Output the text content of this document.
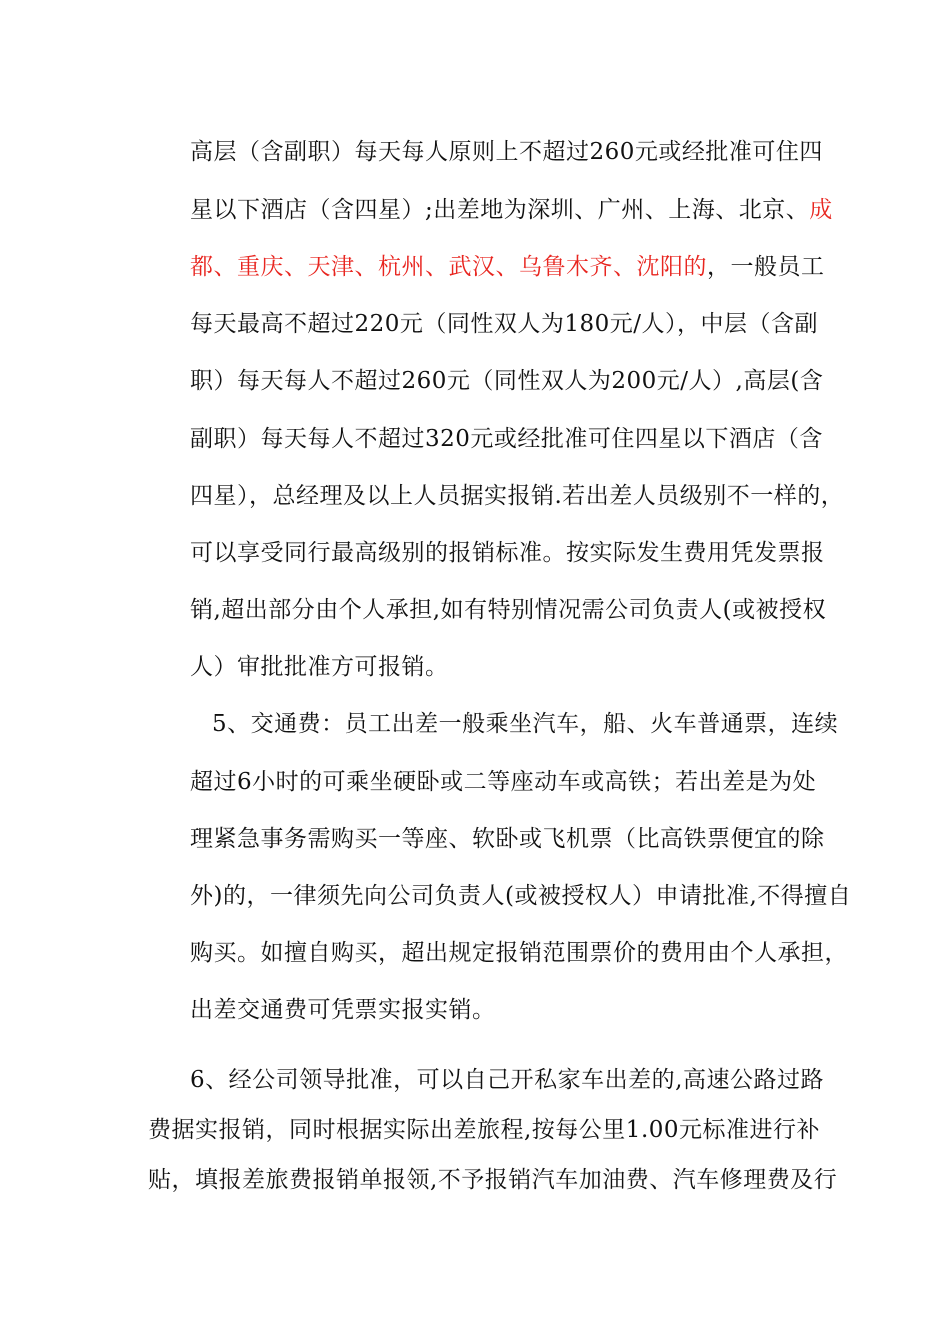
高层（含副职）每天每人原则上不超过260元或经批准可住四
星以下酒店（含四星）;出差地为深圳、广州、上海、北京、成
都、重庆、天津、杭州、武汉、乌鲁木齐、沈阳的，一般员工
每天最高不超过220元（同性双人为180元/人），中层（含副
职）每天每人不超过260元（同性双人为200元/人）,高层(含
副职）每天每人不超过320元或经批准可住四星以下酒店（含
四星），总经理及以上人员据实报销.若出差人员级别不一样的，
可以享受同行最高级别的报销标准。按实际发生费用凭发票报
销,超出部分由个人承担,如有特别情况需公司负责人(或被授权
人）审批批准方可报销。
5、交通费：员工出差一般乘坐汽车，船、火车普通票，连续
超过6小时的可乘坐硬卧或二等座动车或高铁；若出差是为处
理紧急事务需购买一等座、软卧或飞机票（比高铁票便宜的除
外)的，一律须先向公司负责人(或被授权人）申请批准,不得擅自
购买。如擅自购买，超出规定报销范围票价的费用由个人承担，
出差交通费可凭票实报实销。
6、经公司领导批准，可以自己开私家车出差的,高速公路过路
费据实报销，同时根据实际出差旅程,按每公里1.00元标准进行补
贴，填报差旅费报销单报领,不予报销汽车加油费、汽车修理费及行
